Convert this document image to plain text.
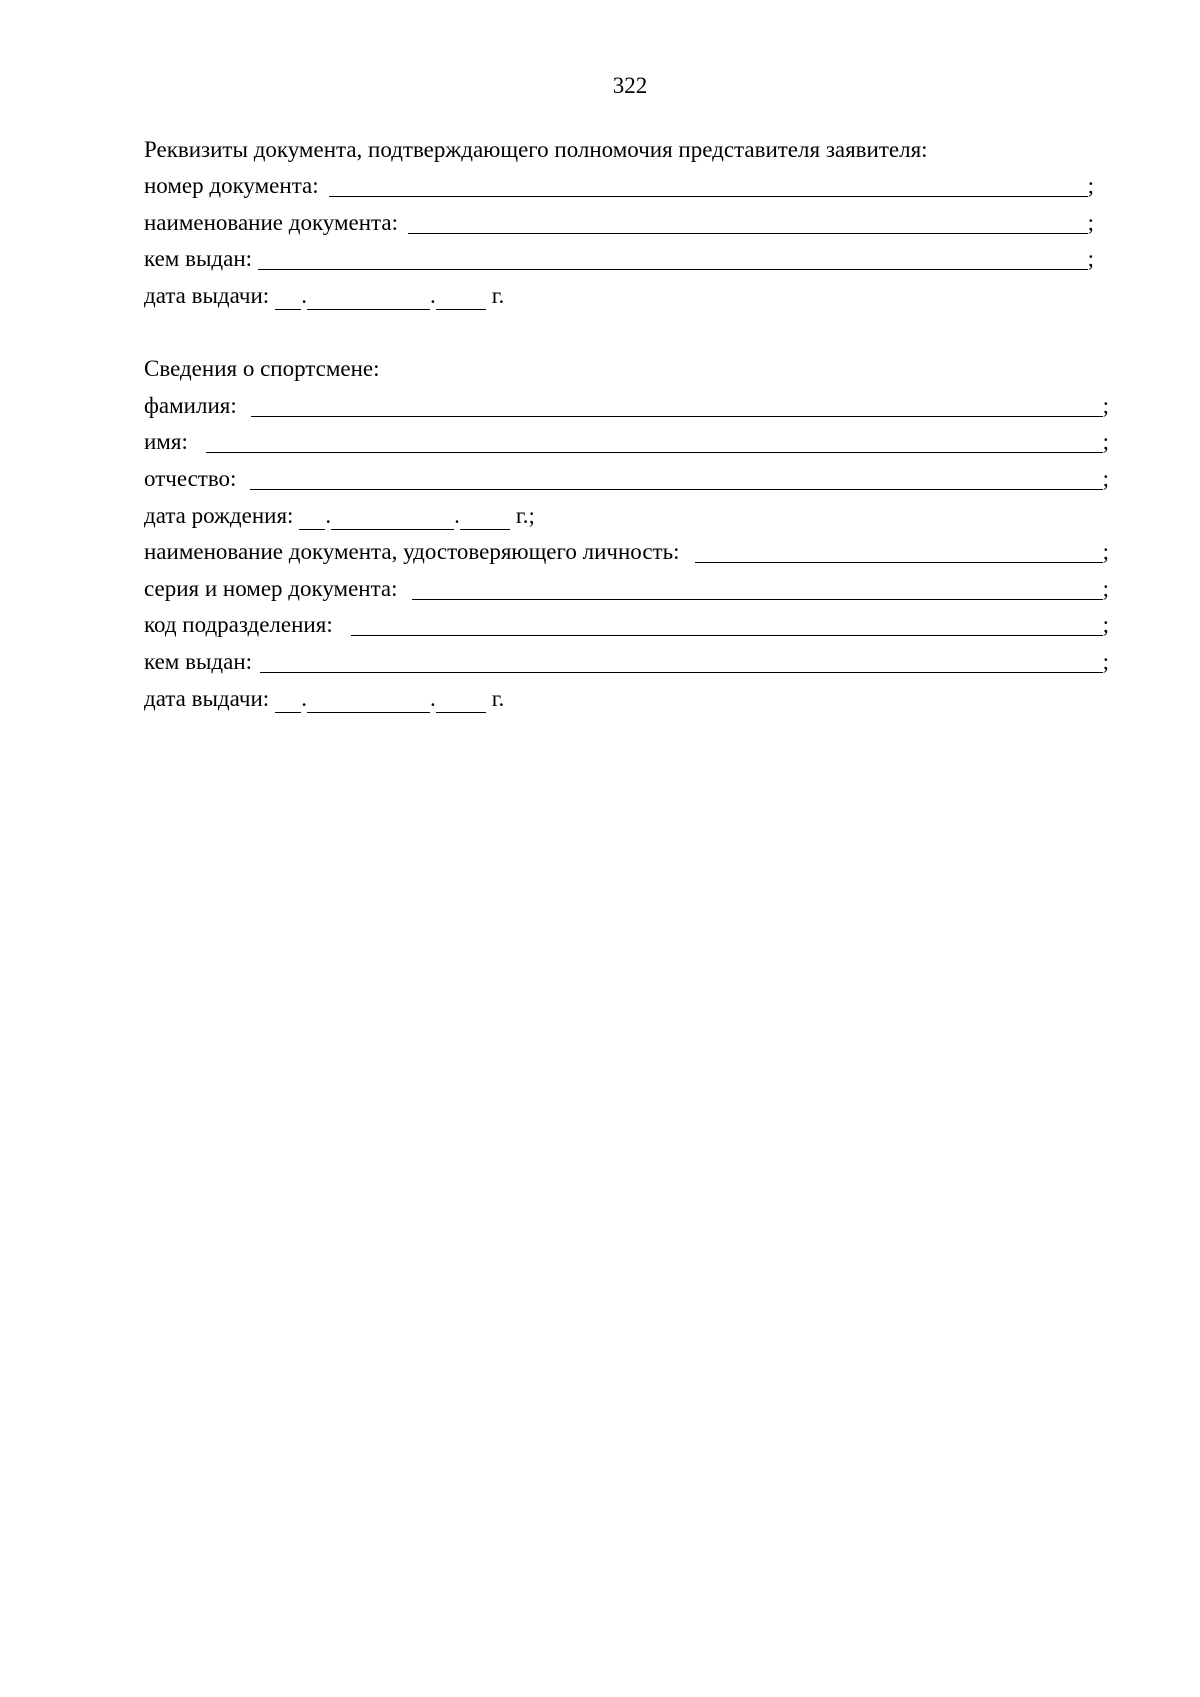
322
Реквизиты документа, подтверждающего полномочия представителя заявителя:
номер документа:	;
наименование документа:	;
кем выдан:	;
дата выдачи: .	. г.
Сведения о спортсмене:
фамилия:	;
имя:	;
отчество:	;
дата рождения: .	. г.;
наименование документа, удостоверяющего личность:	;
серия и номер документа:	;
код подразделения:	;
кем выдан:	;
дата выдачи: .	. г.
